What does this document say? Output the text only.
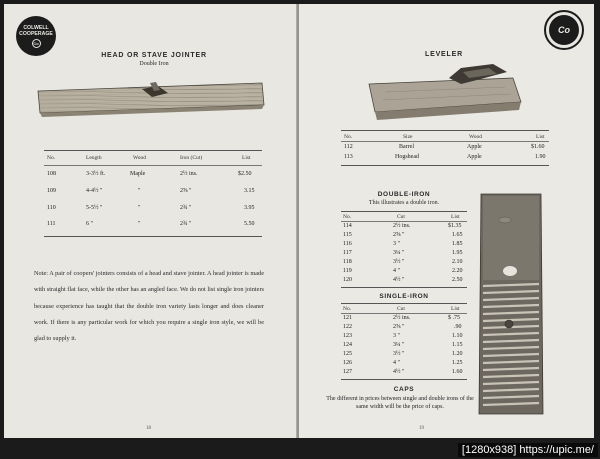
COLWELL
COOPERAGE
Co
HEAD OR STAVE JOINTER
Double Iron
No.	Length	Wood	Iron (Cut)	List
108	3-3½ ft.	Maple	2½ ins.	$2.50
109	4-4½ "	"	2⅝ "	3.15
110	5-5½ "	"	2¾ "	3.95
111	6 "	"	2¾ "	5.50
Note: A pair of coopers' jointers consists of a head and stave jointer. A head jointer is made with straight flat face, while the other has an angled face. We do not list single iron jointers because experience has taught that the double iron variety lasts longer and does cleaner work. If there is any particular work for which you require a single iron style, we will be glad to supply it.
18
Co
LEVELER
No.	Size	Wood	List
112	Barrel	Apple	$1.60
113	Hogshead	Apple	1.90
DOUBLE-IRON
This illustrates a double iron.
No.	Cut	List
114	2½ ins.	$1.35
115	2⅝ "	1.65
116	3 "	1.85
117	3¼ "	1.95
118	3½ "	2.10
119	4 "	2.20
120	4½ "	2.50
SINGLE-IRON
No.	Cut	List
121	2½ ins.	$ .75
122	2⅝ "	.90
123	3 "	1.10
124	3¼ "	1.15
125	3½ "	1.20
126	4 "	1.25
127	4½ "	1.60
CAPS
The different in prices between single and double irons of the same width will be the price of caps.
19
[1280x938] https://upic.me/
